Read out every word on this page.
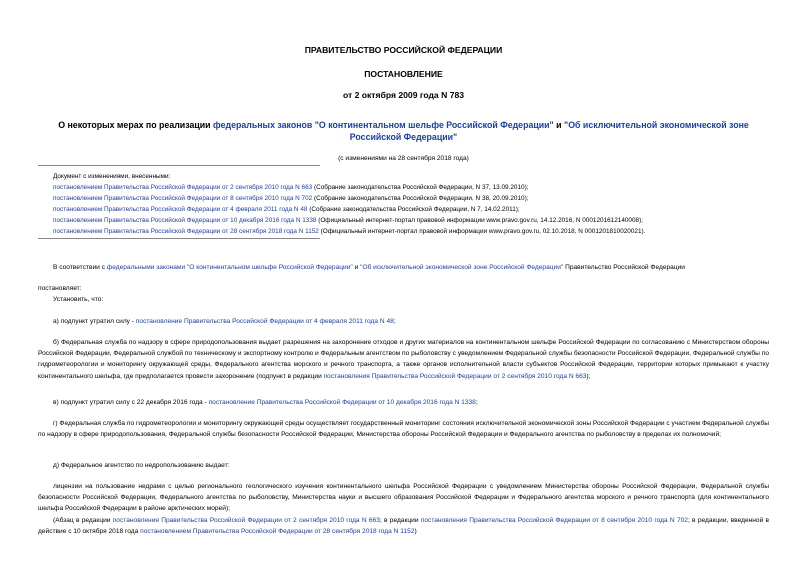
ПРАВИТЕЛЬСТВО РОССИЙСКОЙ ФЕДЕРАЦИИ
ПОСТАНОВЛЕНИЕ
от 2 октября 2009 года N 783
О некоторых мерах по реализации федеральных законов "О континентальном шельфе Российской Федерации" и "Об исключительной экономической зоне Российской Федерации"
(с изменениями на 28 сентября 2018 года)
Документ с изменениями, внесенными:
постановлением Правительства Российской Федерации от 2 сентября 2010 года N 663 (Собрание законодательства Российской Федерации, N 37, 13.09.2010);
постановлением Правительства Российской Федерации от 8 сентября 2010 года N 702 (Собрание законодательства Российской Федерации, N 38, 20.09.2010);
постановлением Правительства Российской Федерации от 4 февраля 2011 года N 48 (Собрание законодательства Российской Федерации, N 7, 14.02.2011);
постановлением Правительства Российской Федерации от 10 декабря 2016 года N 1338 (Официальный интернет-портал правовой информации www.pravo.gov.ru, 14.12.2016, N 0001201612140008);
постановлением Правительства Российской Федерации от 28 сентября 2018 года N 1152 (Официальный интернет-портал правовой информации www.pravo.gov.ru, 02.10.2018, N 0001201810020021).
В соответствии с федеральными законами "О континентальном шельфе Российской Федерации" и "Об исключительной экономической зоне Российской Федерации" Правительство Российской Федерации
постановляет:
Установить, что:
а) подпункт утратил силу - постановление Правительства Российской Федерации от 4 февраля 2011 года N 48;
б) Федеральная служба по надзору в сфере природопользования выдает разрешения на захоронение отходов и других материалов на континентальном шельфе Российской Федерации по согласованию с Министерством обороны Российской Федерации, Федеральной службой по техническому и экспортному контролю и Федеральным агентством по рыболовству с уведомлением Федеральной службы безопасности Российской Федерации, Федеральной службы по гидрометеорологии и мониторингу окружающей среды, Федерального агентства морского и речного транспорта, а также органов исполнительной власти субъектов Российской Федерации, территории которых примыкают к участку континентального шельфа, где предполагается провести захоронение (подпункт в редакции постановления Правительства Российской Федерации от 2 сентября 2010 года N 663);
в) подпункт утратил силу с 22 декабря 2016 года - постановление Правительства Российской Федерации от 10 декабря 2016 года N 1338;
г) Федеральная служба по гидрометеорологии и мониторингу окружающей среды осуществляет государственный мониторинг состояния исключительной экономической зоны Российской Федерации с участием Федеральной службы по надзору в сфере природопользования, Федеральной службы безопасности Российской Федерации, Министерства обороны Российской Федерации и Федерального агентства по рыболовству в пределах их полномочий;
д) Федеральное агентство по недропользованию выдает:
лицензии на пользование недрами с целью регионального геологического изучения континентального шельфа Российской Федерации с уведомлением Министерства обороны Российской Федерации, Федеральной службы безопасности Российской Федерации, Федерального агентства по рыболовству, Министерства науки и высшего образования Российской Федерации и Федерального агентства морского и речного транспорта (для континентального шельфа Российской Федерации в районе арктических морей);
(Абзац в редакции постановления Правительства Российской Федерации от 2 сентября 2010 года N 663; в редакции постановления Правительства Российской Федерации от 8 сентября 2010 года N 702; в редакции, введенной в действие с 10 октября 2018 года постановлением Правительства Российской Федерации от 28 сентября 2018 года N 1152)
